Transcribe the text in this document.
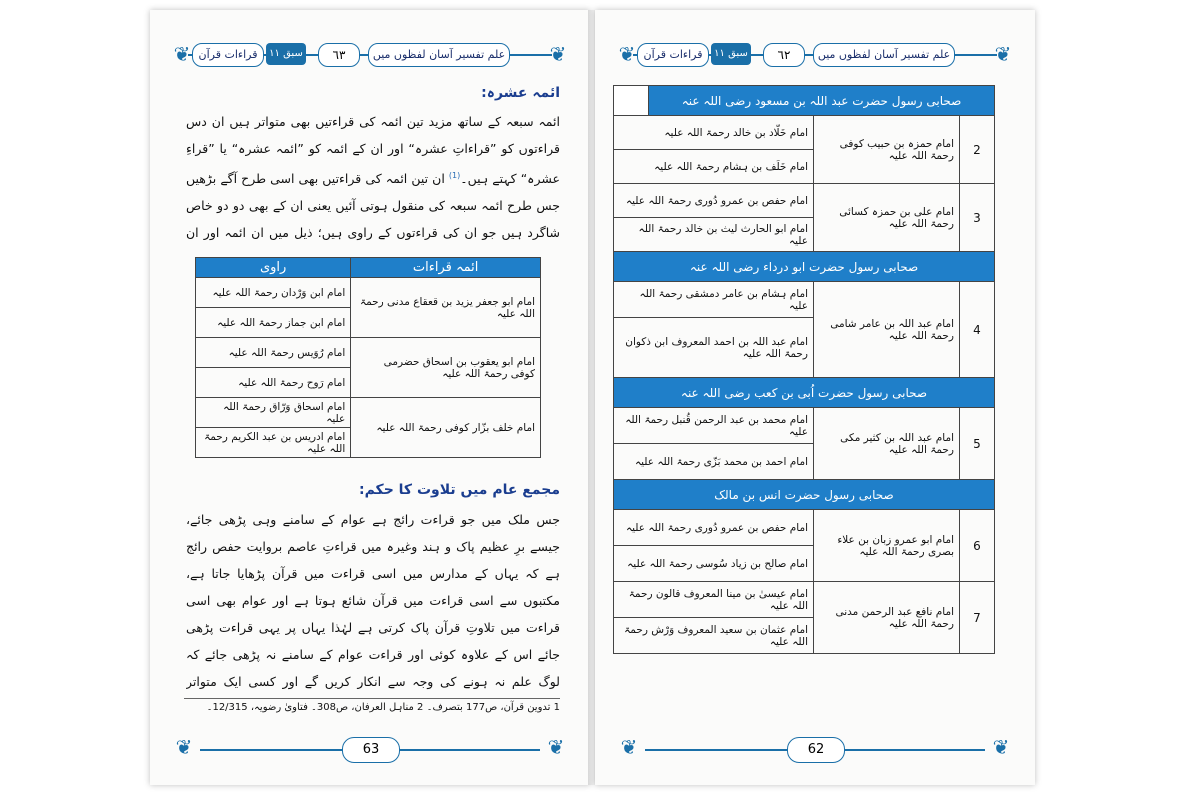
❦	❦
قراءات قرآن	سبق ١١	٦٣	علم تفسیر آسان لفظوں میں
ائمہ عشرہ:
ائمہ سبعہ کے ساتھ مزید تین ائمہ کی قراءتیں بھی متواتر ہیں ان دس قراءتوں کو ”قراءاتِ عشرہ“ اور ان کے ائمہ کو ”ائمہ عشرہ“ یا ”قراءِ عشرہ“ کہتے ہیں۔$^{(1)}$ ان تین ائمہ کی قراءتیں بھی اسی طرح آگے بڑھیں جس طرح ائمہ سبعہ کی منقول ہوتی آئیں یعنی ان کے بھی دو دو خاص شاگرد ہیں جو ان کی قراءتوں کے راوی ہیں؛ ذیل میں ان ائمہ اور ان
ائمہ قراءات	راوی
امام ابو جعفر یزید بن قعقاع مدنی رحمۃ اللہ علیہ	امام ابن وَرْدان رحمۃ اللہ علیہ
	امام ابن جماز رحمۃ اللہ علیہ
امام ابو یعقوب بن اسحاق حضرمی کوفی رحمۃ اللہ علیہ	امام رُوَیس رحمۃ اللہ علیہ
	امام رَوح رحمۃ اللہ علیہ
امام خلف بزّار کوفی رحمۃ اللہ علیہ	امام اسحاق وَرّاق رحمۃ اللہ علیہ
	امام ادریس بن عبد الکریم رحمۃ اللہ علیہ
مجمع عام میں تلاوت کا حکم:
جس ملک میں جو قراءت رائج ہے عوام کے سامنے وہی پڑھی جائے، جیسے برِ عظیم پاک و ہند وغیرہ میں قراءتِ عاصم بروایت حفص رائج ہے کہ یہاں کے مدارس میں اسی قراءت میں قرآن پڑھایا جاتا ہے، مکتبوں سے اسی قراءت میں قرآن شائع ہوتا ہے اور عوام بھی اسی قراءت میں تلاوتِ قرآن پاک کرتی ہے لہٰذا یہاں پر یہی قراءت پڑھی جائے اس کے علاوہ کوئی اور قراءت عوام کے سامنے نہ پڑھی جائے کہ لوگ علم نہ ہونے کی وجہ سے انکار کریں گے اور کسی ایک متواتر
1 تدوین قرآن، ص177 بتصرف۔ 2 مناہل العرفان، ص308۔ فتاویٰ رضویہ، 12/315۔
❦	❦
63
❦	❦
قراءات قرآن	سبق ١١	٦٢	علم تفسیر آسان لفظوں میں
صحابی رسول حضرت عبد اللہ بن مسعود رضی اللہ عنہ			
2	امام حمزہ بن حبیب کوفی رحمۃ اللہ علیہ	امام خَلّاد بن خالد رحمۃ اللہ علیہ	
		امام خَلَف بن ہشام رحمۃ اللہ علیہ	
3	امام علی بن حمزہ کسائی رحمۃ اللہ علیہ	امام حفص بن عمرو دُوری رحمۃ اللہ علیہ	
		امام ابو الحارث لیث بن خالد رحمۃ اللہ علیہ	
صحابی رسول حضرت ابو درداء رضی اللہ عنہ			
4	امام عبد اللہ بن عامر شامی رحمۃ اللہ علیہ	امام ہشام بن عامر دمشقی رحمۃ اللہ علیہ	
		امام عبد اللہ بن احمد المعروف ابن ذکوان رحمۃ اللہ علیہ	
صحابی رسول حضرت اُبی بن کعب رضی اللہ عنہ			
5	امام عبد اللہ بن کثیر مکی رحمۃ اللہ علیہ	امام محمد بن عبد الرحمن قُنبل رحمۃ اللہ علیہ	
		امام احمد بن محمد بَزّی رحمۃ اللہ علیہ	
صحابی رسول حضرت انس بن مالک			
6	امام ابو عمرو زبان بن علاء بصری رحمۃ اللہ علیہ	امام حفص بن عمرو دُوری رحمۃ اللہ علیہ	
		امام صالح بن زیاد سُوسی رحمۃ اللہ علیہ	
7	امام نافع عبد الرحمن مدنی رحمۃ اللہ علیہ	امام عیسیٰ بن مینا المعروف قالون رحمۃ اللہ علیہ	
		امام عثمان بن سعید المعروف وَرْش رحمۃ اللہ علیہ	
❦	❦
62
